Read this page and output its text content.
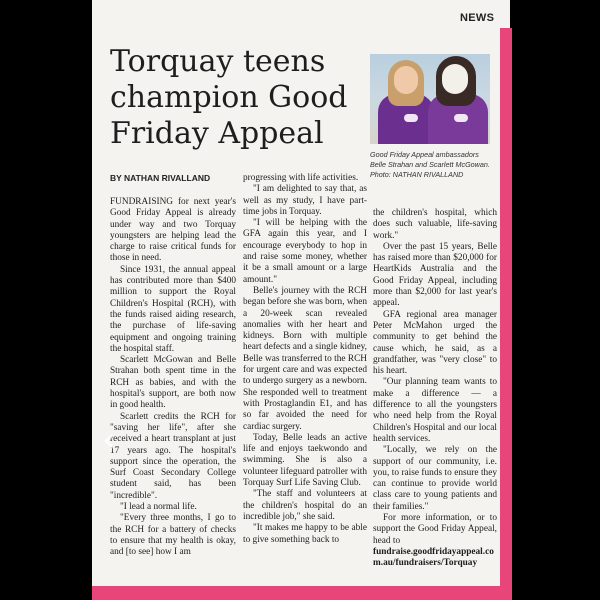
NEWS
Torquay teens champion Good Friday Appeal
Good Friday Appeal ambassadors Belle Strahan and Scarlett McGowan. Photo: NATHAN RIVALLAND
BY NATHAN RIVALLAND

FUNDRAISING for next year's Good Friday Appeal is already under way and two Torquay youngsters are helping lead the charge to raise critical funds for those in need.

Since 1931, the annual appeal has contributed more than $400 million to support the Royal Children's Hospital (RCH), with the funds raised aiding research, the purchase of life-saving equipment and ongoing training the hospital staff.

Scarlett McGowan and Belle Strahan both spent time in the RCH as babies, and with the hospital's support, are both now in good health.

Scarlett credits the RCH for "saving her life", after she received a heart transplant at just 17 years ago. The hospital's support since the operation, the Surf Coast Secondary College student said, has been "incredible".

"I lead a normal life.

"Every three months, I go to the RCH for a battery of checks to ensure that my health is okay, and [to see] how I am

progressing with life activities.

"I am delighted to say that, as well as my study, I have part-time jobs in Torquay.

"I will be helping with the GFA again this year, and I encourage everybody to hop in and raise some money, whether it be a small amount or a large amount."

Belle's journey with the RCH began before she was born, when a 20-week scan revealed anomalies with her heart and kidneys. Born with multiple heart defects and a single kidney, Belle was transferred to the RCH for urgent care and was expected to undergo surgery as a newborn. She responded well to treatment with Prostaglandin E1, and has so far avoided the need for cardiac surgery.

Today, Belle leads an active life and enjoys taekwondo and swimming. She is also a volunteer lifeguard patroller with Torquay Surf Life Saving Club.

"The staff and volunteers at the children's hospital do an incredible job," she said.

"It makes me happy to be able to give something back to

the children's hospital, which does such valuable, life-saving work."

Over the past 15 years, Belle has raised more than $20,000 for HeartKids Australia and the Good Friday Appeal, including more than $2,000 for last year's appeal.

GFA regional area manager Peter McMahon urged the community to get behind the cause which, he said, as a grandfather, was "very close" to his heart.

"Our planning team wants to make a difference — a difference to all the youngsters who need help from the Royal Children's Hospital and our local health services.

"Locally, we rely on the support of our community, i.e. you, to raise funds to ensure they can continue to provide world class care to young patients and their families."

For more information, or to support the Good Friday Appeal, head to

fundraise.goodfridayappeal.com.au/fundraisers/Torquay

‹
